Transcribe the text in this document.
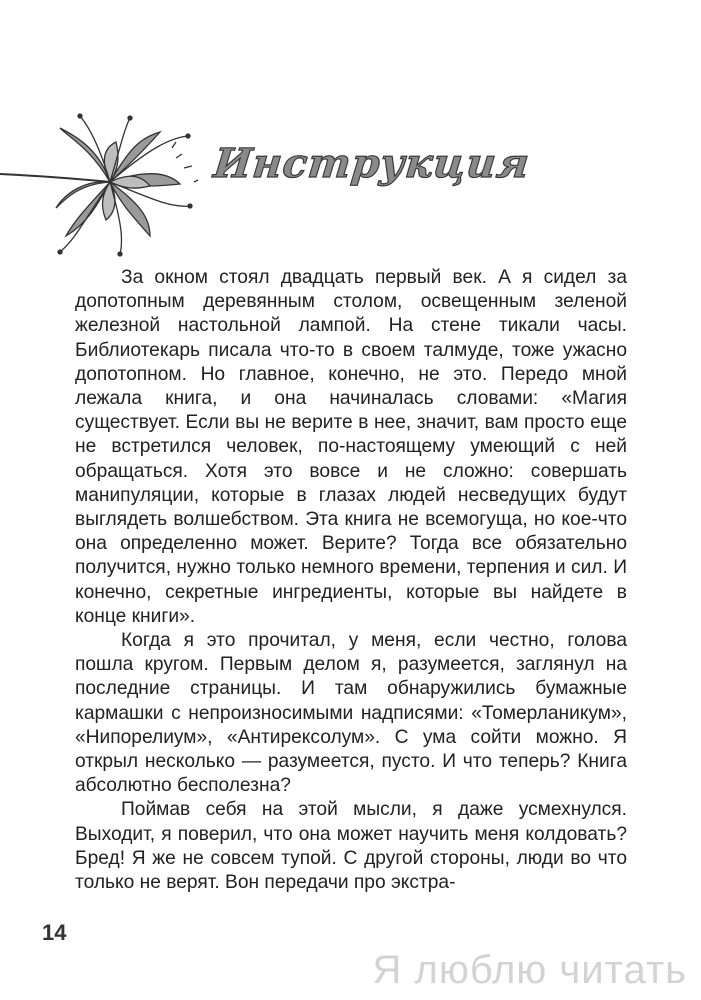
Инструкция

За окном стоял двадцать первый век. А я сидел за допотопным деревянным столом, освещенным зеленой железной настольной лампой. На стене тикали часы. Библиотекарь писала что-то в своем талмуде, тоже ужасно допотопном. Но главное, конечно, не это. Передо мной лежала книга, и она начиналась словами: «Магия существует. Если вы не верите в нее, значит, вам просто еще не встретился человек, по-настоящему умеющий с ней обращаться. Хотя это вовсе и не сложно: совершать манипуляции, которые в глазах людей несведущих будут выглядеть волшебством. Эта книга не всемогуща, но кое-что она определенно может. Верите? Тогда все обязательно получится, нужно только немного времени, терпения и сил. И конечно, секретные ингредиенты, которые вы найдете в конце книги».

Когда я это прочитал, у меня, если честно, голова пошла кругом. Первым делом я, разумеется, заглянул на последние страницы. И там обнаружились бумажные кармашки с непроизносимыми надписями: «Томерланикум», «Нипорелиум», «Антирексолум». С ума сойти можно. Я открыл несколько — разумеется, пусто. И что теперь? Книга абсолютно бесполезна?

Поймав себя на этой мысли, я даже усмехнулся. Выходит, я поверил, что она может научить меня колдовать? Бред! Я же не совсем тупой. С другой стороны, люди во что только не верят. Вон передачи про экстра-

14
Я люблю читать
